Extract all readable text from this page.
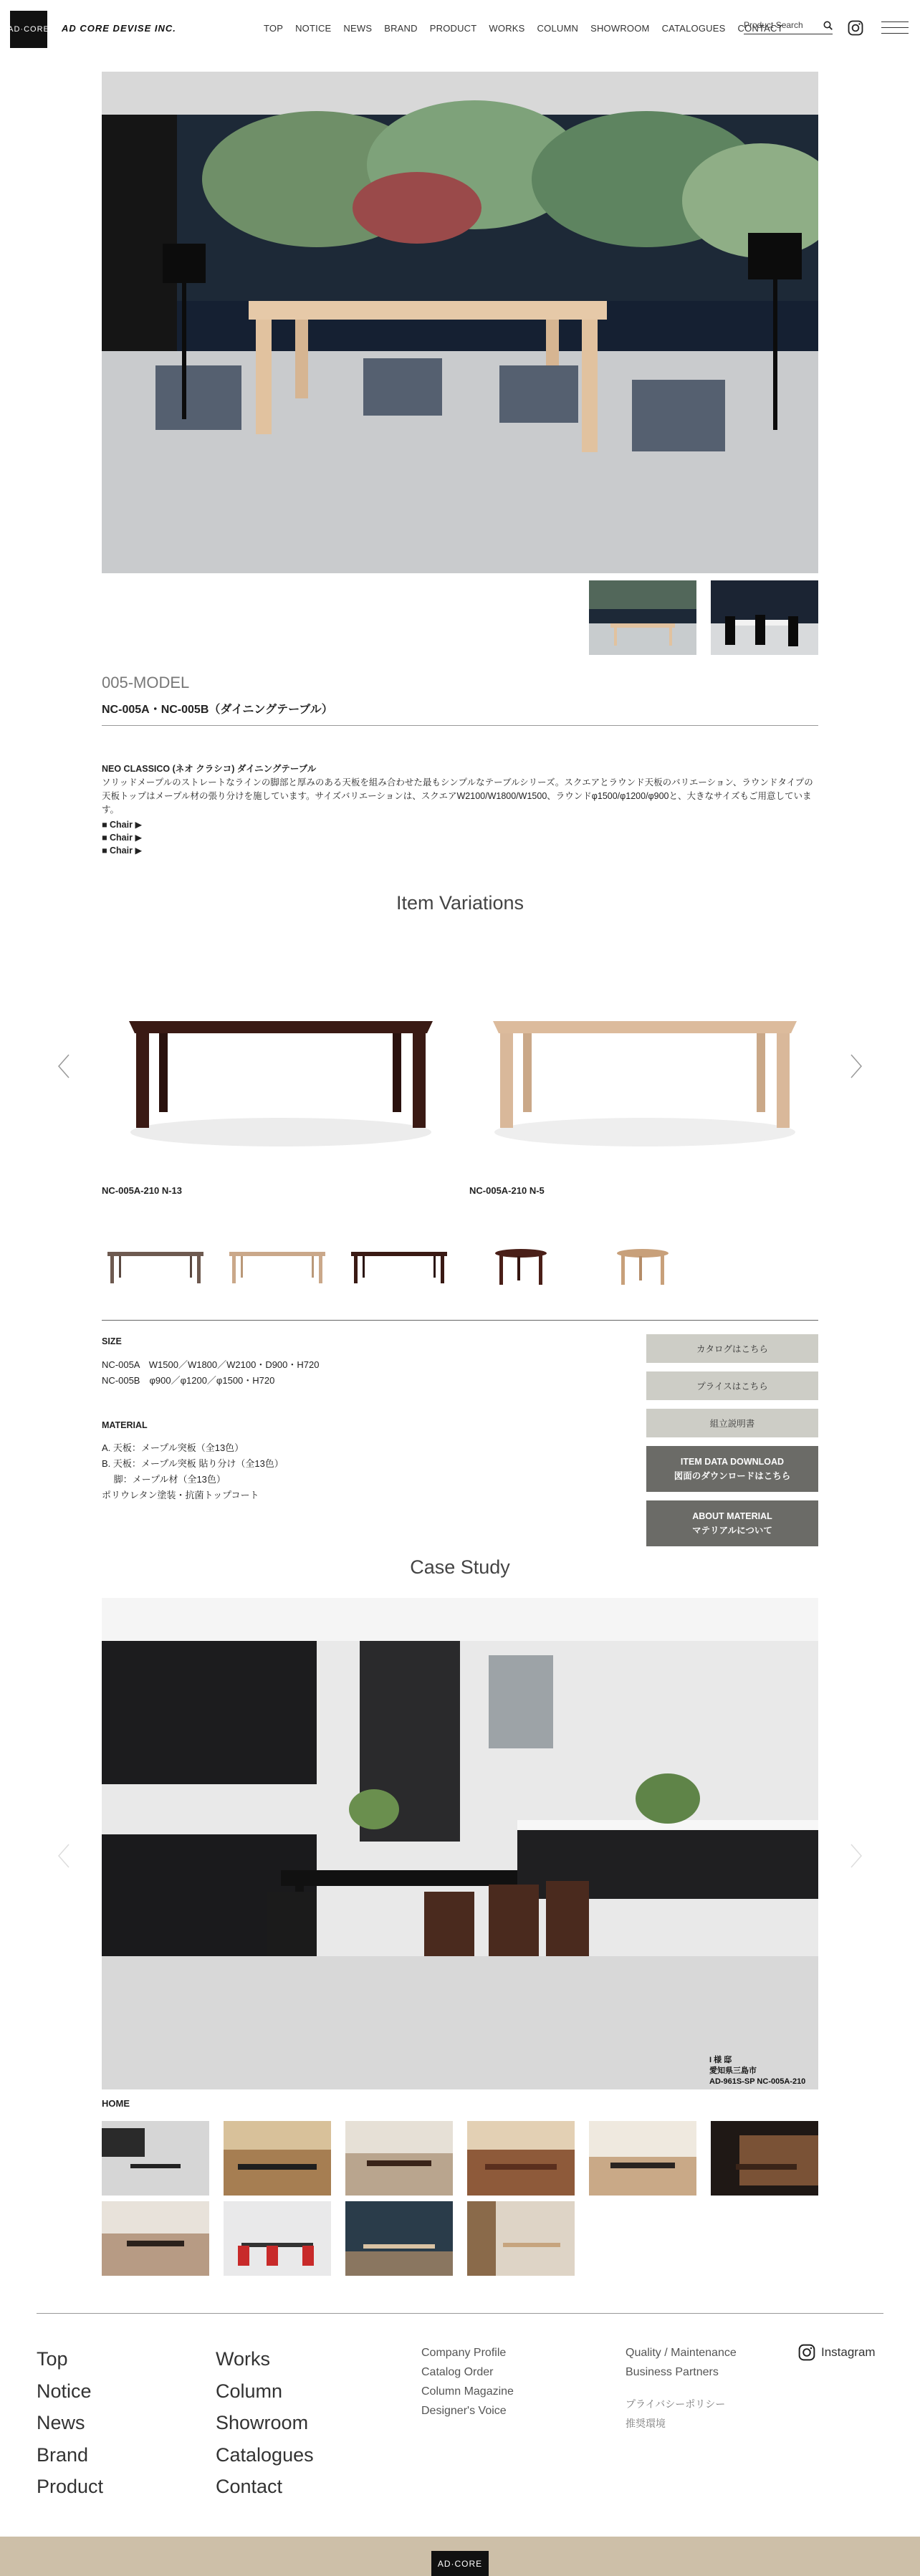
AD·CORE AD CORE DEVISE INC.	TOP NOTICE NEWS BRAND PRODUCT WORKS COLUMN SHOWROOM CATALOGUES CONTACT
Product Search
005-MODEL
NC-005A・NC-005B（ダイニングテーブル）
NEO CLASSICO (ネオ クラシコ) ダイニングテーブル
ソリッドメープルのストレートなラインの脚部と厚みのある天板を組み合わせた最もシンプルなテーブルシリーズ。スクエアとラウンド天板のバリエーション、ラウンドタイプの天板トップはメープル材の張り分けを施しています。サイズバリエーションは、スクエアW2100/W1800/W1500、ラウンドφ1500/φ1200/φ900と、大きなサイズもご用意しています。
■ Chair ▶
■ Chair ▶
■ Chair ▶
Item Variations
NC-005A-210 N-13	NC-005A-210 N-5
SIZE
NC-005A　W1500／W1800／W2100・D900・H720
NC-005B　φ900／φ1200／φ1500・H720
MATERIAL
A. 天板：メープル突板（全13色）
B. 天板：メープル突板 貼り分け（全13色）
　 脚：メープル材（全13色）
ポリウレタン塗装・抗菌トップコート
カタログはこちら
プライスはこちら
組立説明書
ITEM DATA DOWNLOAD
図面のダウンロードはこちら
ABOUT MATERIAL
マテリアルについて
Case Study
I 様 邸
愛知県三島市
AD-961S-SP NC-005A-210
HOME
Top
Notice
News
Brand
Product
Works
Column
Showroom
Catalogues
Contact
Company Profile
Catalog Order
Column Magazine
Designer's Voice
Quality / Maintenance
Business Partners
プライバシーポリシー
推奨環境
Instagram
AD·CORE
